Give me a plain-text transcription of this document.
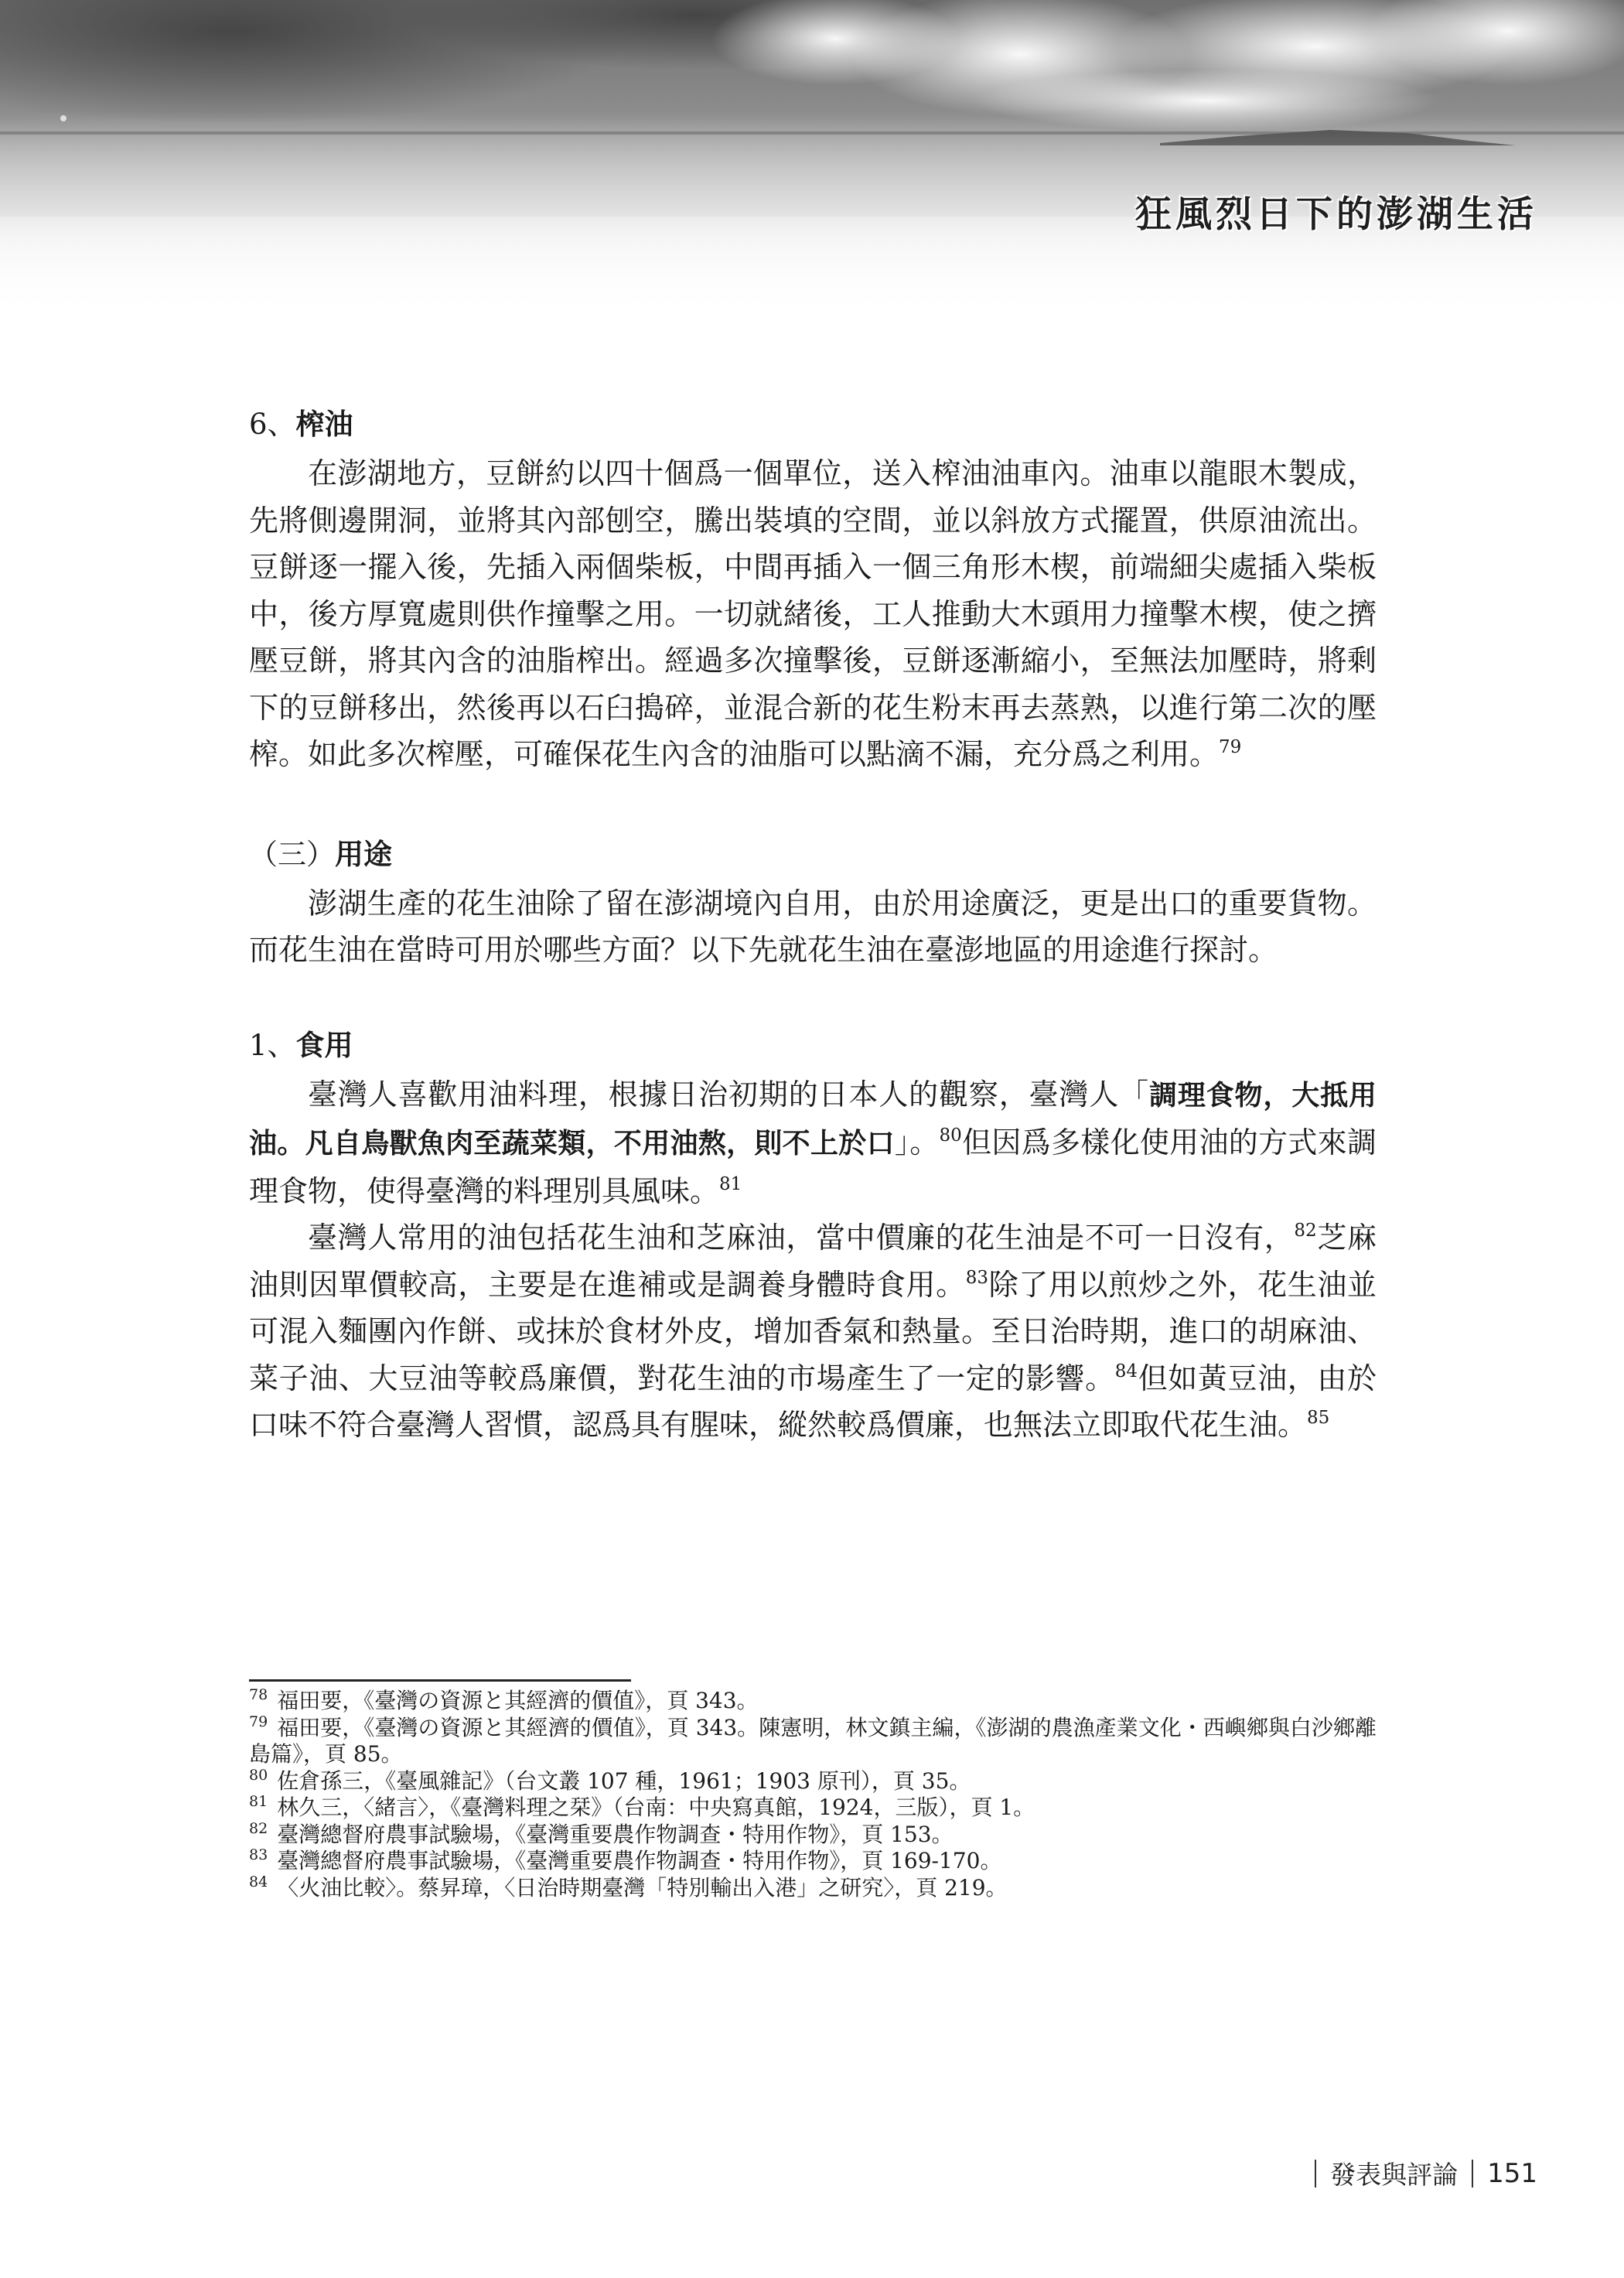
狂風烈日下的澎湖生活
6、榨油

在澎湖地方，豆餅約以四十個爲一個單位，送入榨油油車內。油車以龍眼木製成，先將側邊開洞，並將其內部刨空，騰出裝填的空間，並以斜放方式擺置，供原油流出。豆餅逐一擺入後，先插入兩個柴板，中間再插入一個三角形木楔，前端細尖處插入柴板中，後方厚寬處則供作撞擊之用。一切就緒後，工人推動大木頭用力撞擊木楔，使之擠壓豆餅，將其內含的油脂榨出。經過多次撞擊後，豆餅逐漸縮小，至無法加壓時，將剩下的豆餅移出，然後再以石臼搗碎，並混合新的花生粉末再去蒸熟，以進行第二次的壓榨。如此多次榨壓，可確保花生內含的油脂可以點滴不漏，充分爲之利用。$^{79}$

（三）用途

澎湖生產的花生油除了留在澎湖境內自用，由於用途廣泛，更是出口的重要貨物。而花生油在當時可用於哪些方面？以下先就花生油在臺澎地區的用途進行探討。

1、食用

臺灣人喜歡用油料理，根據日治初期的日本人的觀察，臺灣人「調理食物，大抵用油。凡自鳥獸魚肉至蔬菜類，不用油熬，則不上於口」。$^{80}$但因爲多樣化使用油的方式來調理食物，使得臺灣的料理別具風味。$^{81}$

臺灣人常用的油包括花生油和芝麻油，當中價廉的花生油是不可一日沒有，$^{82}$芝麻油則因單價較高，主要是在進補或是調養身體時食用。$^{83}$除了用以煎炒之外，花生油並可混入麵團內作餅、或抹於食材外皮，增加香氣和熱量。至日治時期，進口的胡麻油、菜子油、大豆油等較爲廉價，對花生油的市場產生了一定的影響。$^{84}$但如黃豆油，由於口味不符合臺灣人習慣，認爲具有腥味，縱然較爲價廉，也無法立即取代花生油。$^{85}$

$^{78}$ 福田要，《臺灣の資源と其經濟的價值》，頁 343。

$^{79}$ 福田要，《臺灣の資源と其經濟的價值》，頁 343。陳憲明，林文鎮主編，《澎湖的農漁產業文化・西嶼鄉與白沙鄉離島篇》，頁 85。

$^{80}$ 佐倉孫三，《臺風雜記》（台文叢 107 種，1961；1903 原刊），頁 35。

$^{81}$ 林久三，〈緒言〉，《臺灣料理之栞》（台南：中央寫真館，1924，三版），頁 1。

$^{82}$ 臺灣總督府農事試驗場，《臺灣重要農作物調查・特用作物》，頁 153。

$^{83}$ 臺灣總督府農事試驗場，《臺灣重要農作物調查・特用作物》，頁 169-170。

$^{84}$ 〈火油比較〉。蔡昇璋，〈日治時期臺灣「特別輸出入港」之研究〉，頁 219。

發表與評論 151
